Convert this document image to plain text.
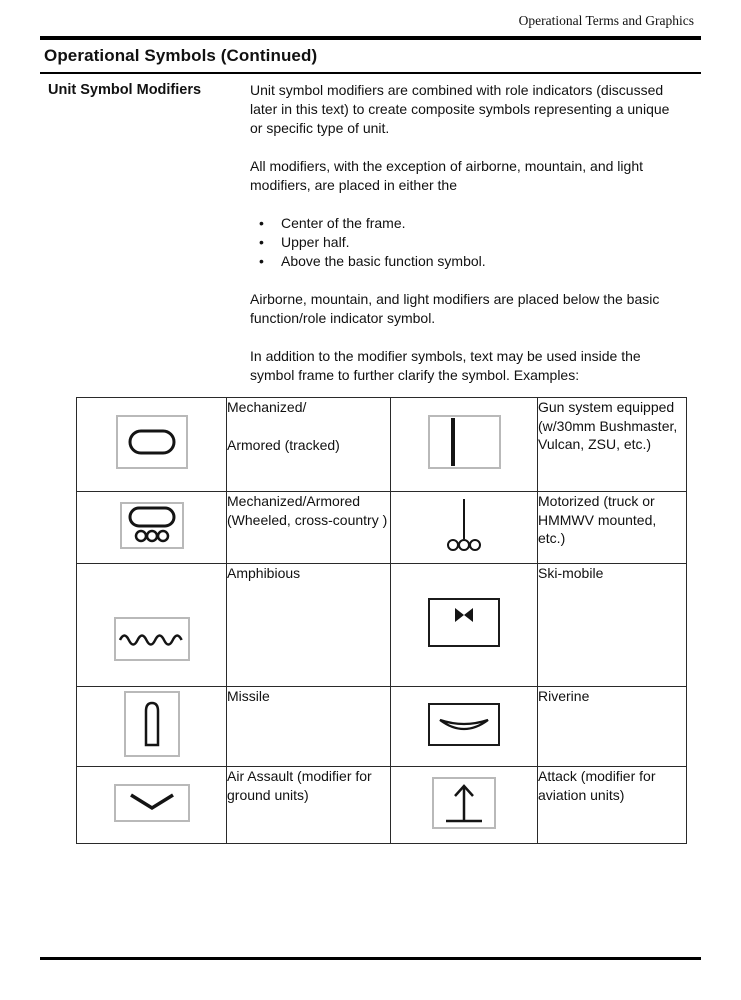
Operational Terms and Graphics
Operational Symbols (Continued)
Unit Symbol Modifiers	Unit symbol modifiers are combined with role indicators (discussed later in this text) to create composite symbols representing a unique or specific type of unit.

All modifiers, with the exception of airborne, mountain, and light modifiers, are placed in either the

• Center of the frame.
• Upper half.
• Above the basic function symbol.

Airborne, mountain, and light modifiers are placed below the basic function/role indicator symbol.

In addition to the modifier symbols, text may be used inside the symbol frame to further clarify the symbol. Examples:

Mechanized/
Armored (tracked)		Gun system equipped (w/30mm Bushmaster, Vulcan, ZSU, etc.)

Mechanized/Armored (Wheeled, cross-country )		Motorized (truck or HMMWV mounted, etc.)

Amphibious		Ski-mobile

Missile		Riverine

Air Assault (modifier for ground units)		Attack (modifier for aviation units)
